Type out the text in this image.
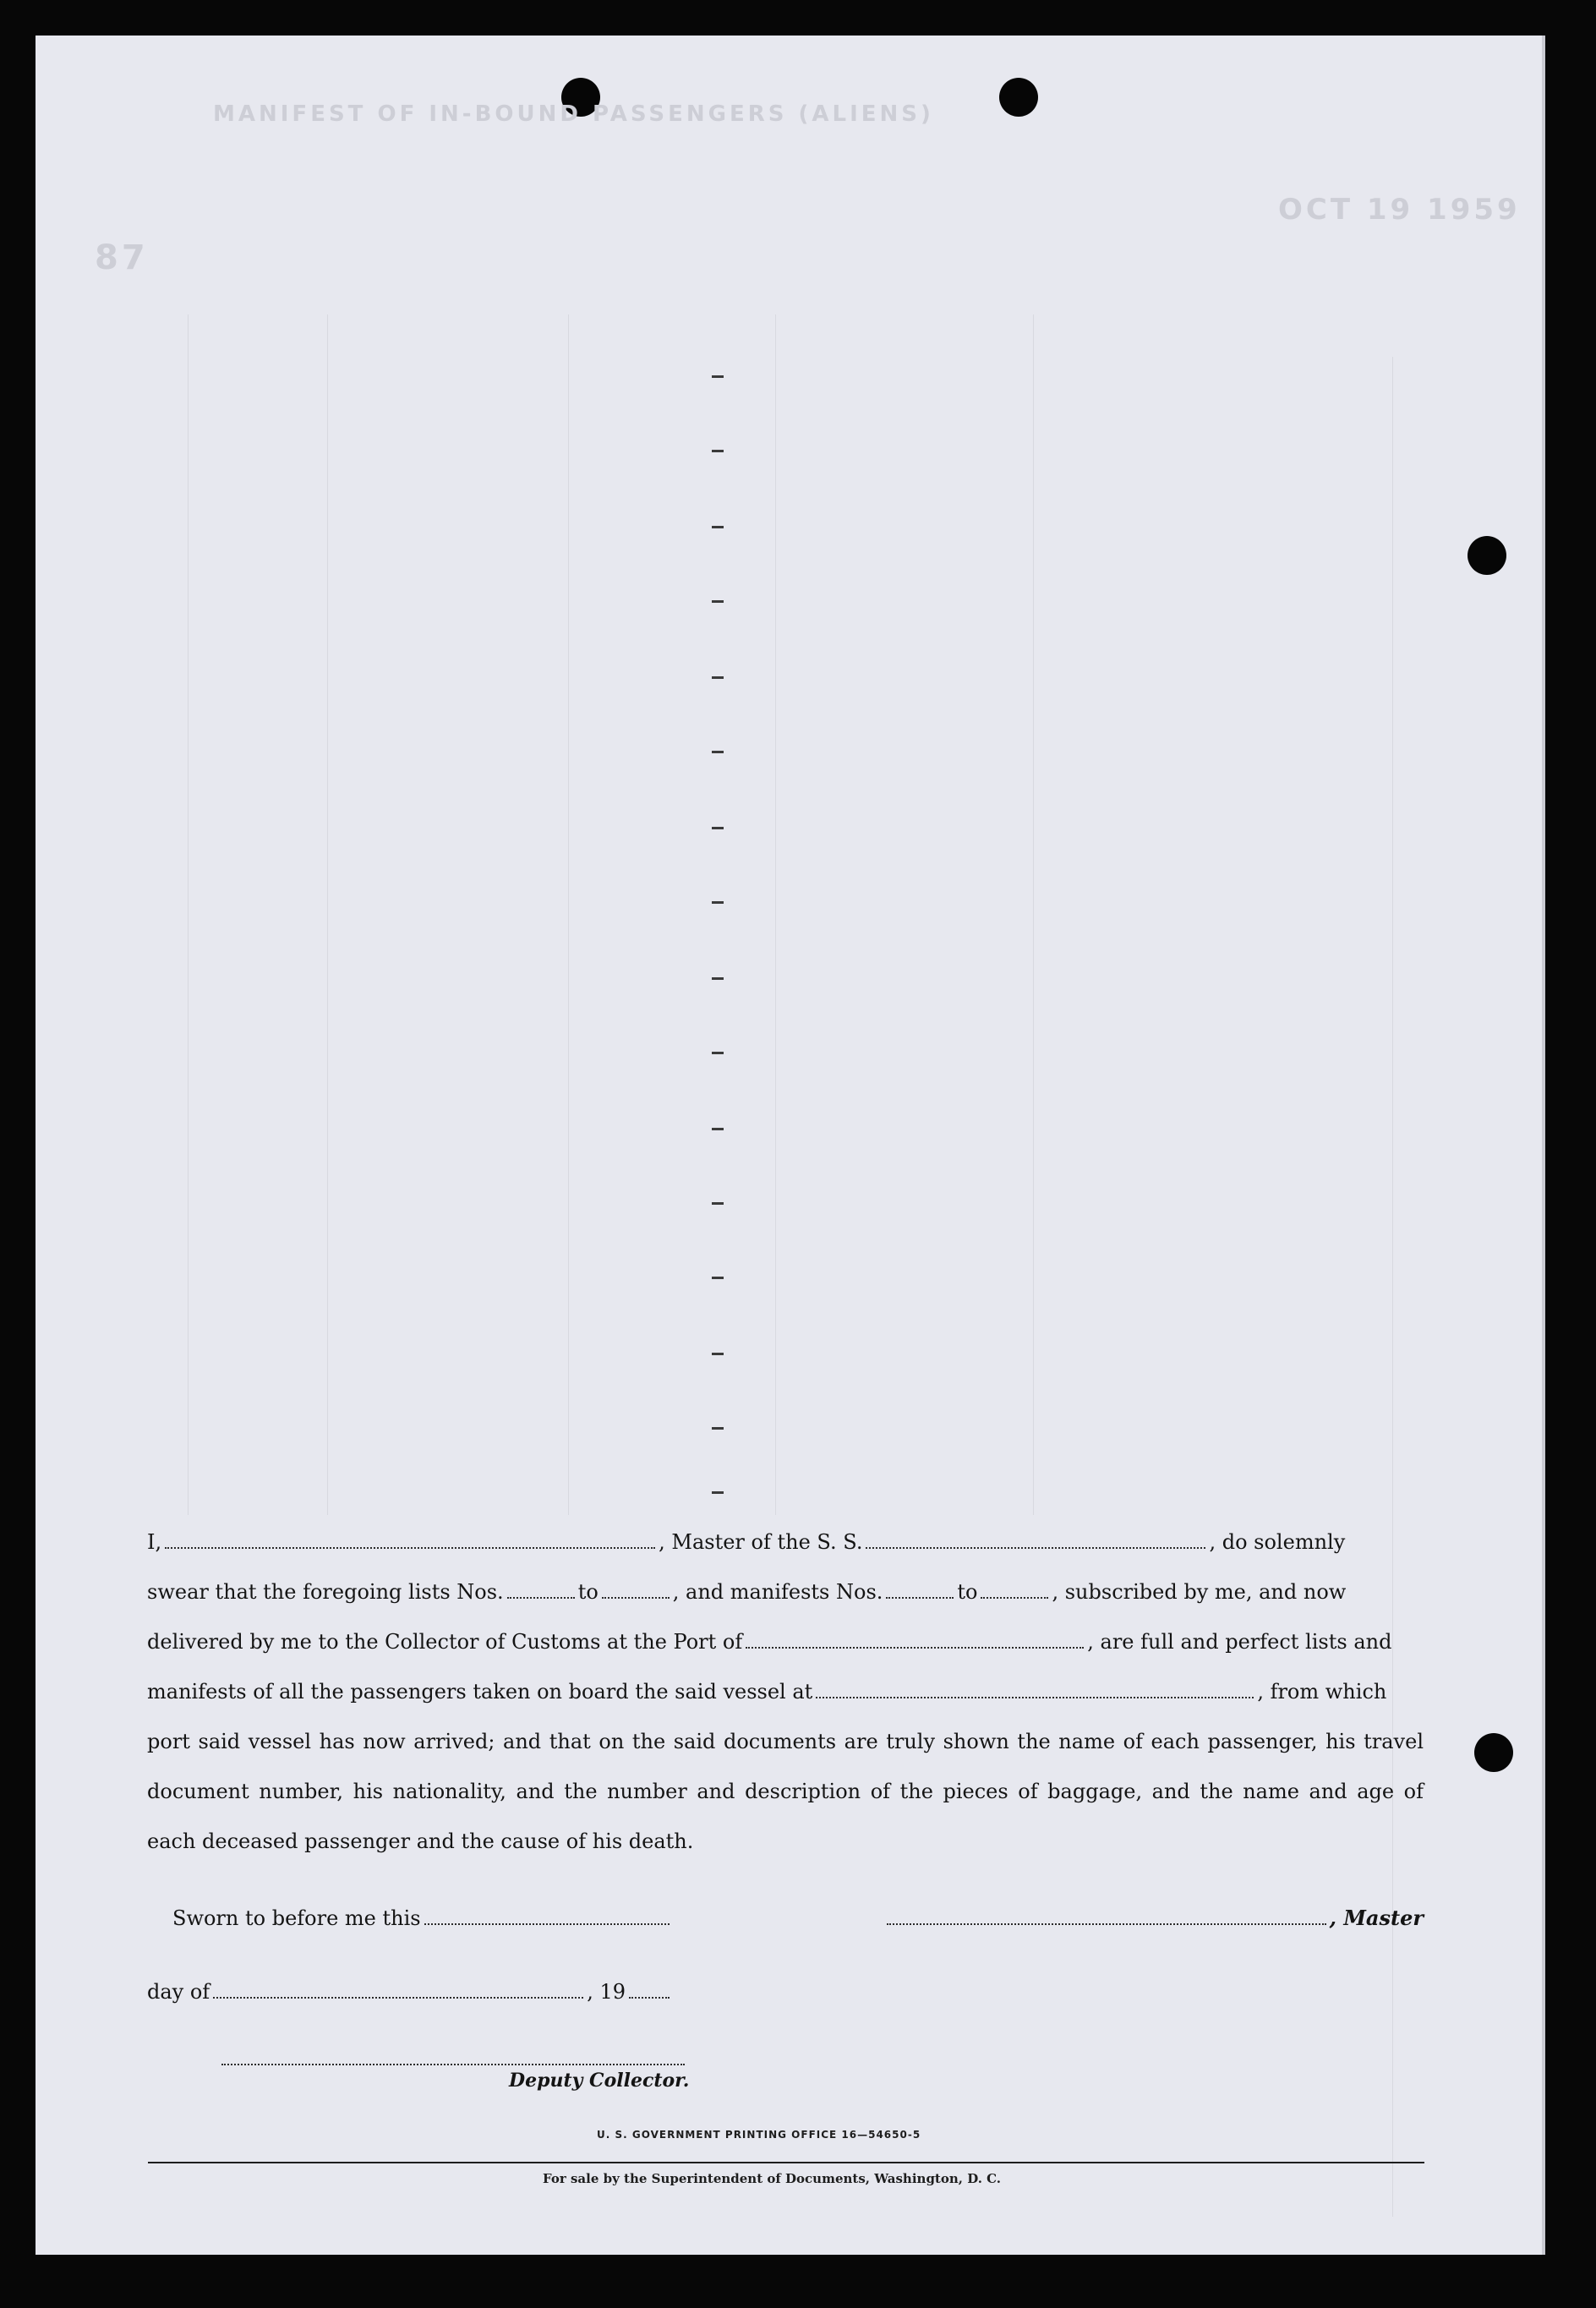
MANIFEST OF IN-BOUND PASSENGERS (ALIENS)
OCT 19 1959
87
I,	, Master of the S. S.	, do solemnly
swear that the foregoing lists Nos.	to	, and manifests Nos.	to	, subscribed by me, and now
delivered by me to the Collector of Customs at the Port of	, are full and perfect lists and
manifests of all the passengers taken on board the said vessel at	, from which
port said vessel has now arrived; and that on the said documents are truly shown the name of each passenger, his travel
document number, his nationality, and the number and description of the pieces of baggage, and the name and age of
each deceased passenger and the cause of his death.
Sworn to before me this	, Master
day of	, 19
Deputy Collector.
U. S. GOVERNMENT PRINTING OFFICE 16—54650-5
For sale by the Superintendent of Documents, Washington, D. C.
